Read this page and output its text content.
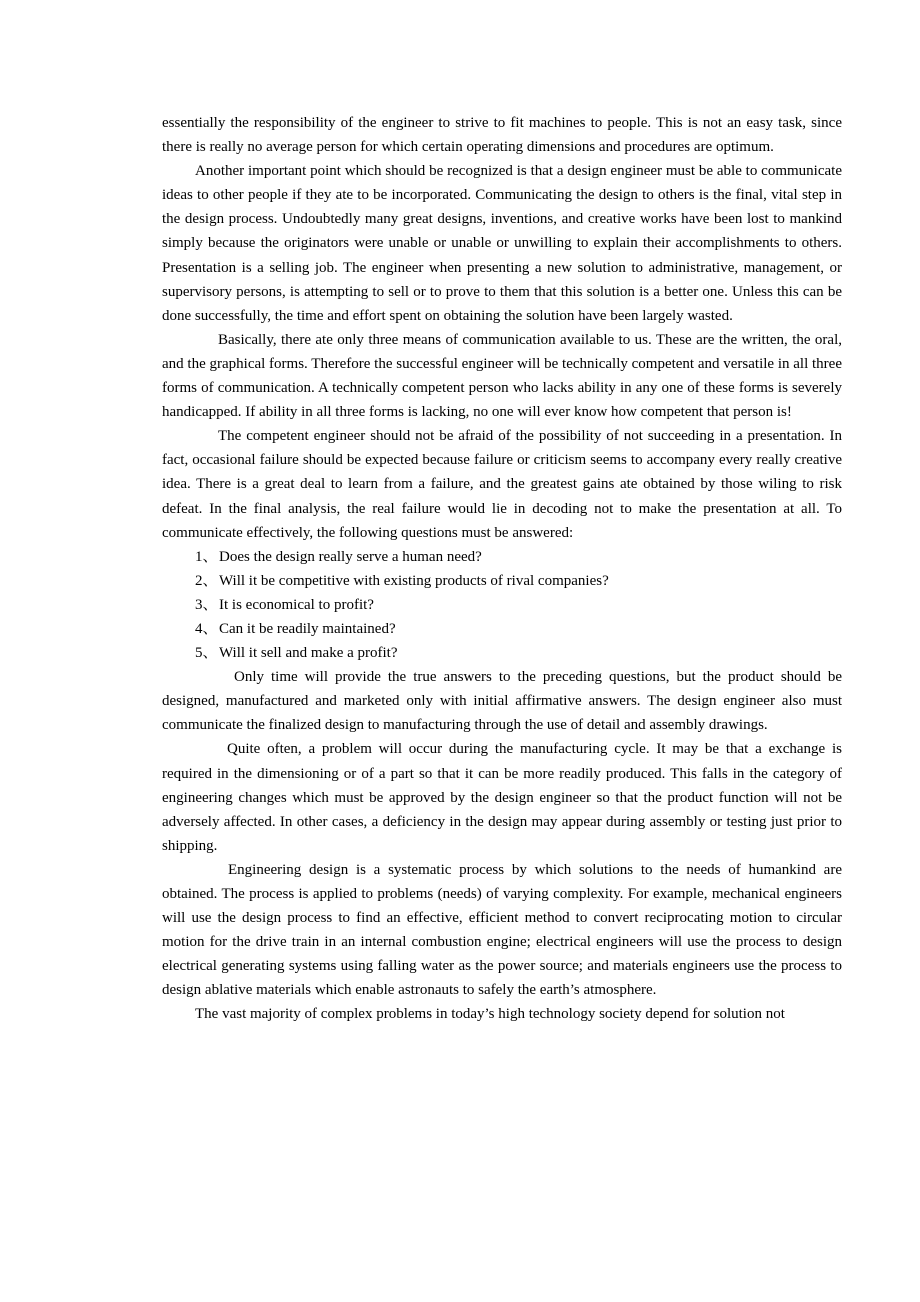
essentially the responsibility of the engineer to strive to fit machines to people. This is not an easy task, since there is really no average person for which certain operating dimensions and procedures are optimum.

Another important point which should be recognized is that a design engineer must be able to communicate ideas to other people if they ate to be incorporated. Communicating the design to others is the final, vital step in the design process. Undoubtedly many great designs, inventions, and creative works have been lost to mankind simply because the originators were unable or unable or unwilling to explain their accomplishments to others. Presentation is a selling job. The engineer when presenting a new solution to administrative, management, or supervisory persons, is attempting to sell or to prove to them that this solution is a better one. Unless this can be done successfully, the time and effort spent on obtaining the solution have been largely wasted.

Basically, there ate only three means of communication available to us. These are the written, the oral, and the graphical forms. Therefore the successful engineer will be technically competent and versatile in all three forms of communication. A technically competent person who lacks ability in any one of these forms is severely handicapped. If ability in all three forms is lacking, no one will ever know how competent that person is!

The competent engineer should not be afraid of the possibility of not succeeding in a presentation. In fact, occasional failure should be expected because failure or criticism seems to accompany every really creative idea. There is a great deal to learn from a failure, and the greatest gains ate obtained by those wiling to risk defeat. In the final analysis, the real failure would lie in decoding not to make the presentation at all. To communicate effectively, the following questions must be answered:

1、Does the design really serve a human need?
2、Will it be competitive with existing products of rival companies?
3、It is economical to profit?
4、Can it be readily maintained?
5、Will it sell and make a profit?

Only time will provide the true answers to the preceding questions, but the product should be designed, manufactured and marketed only with initial affirmative answers. The design engineer also must communicate the finalized design to manufacturing through the use of detail and assembly drawings.

Quite often, a problem will occur during the manufacturing cycle. It may be that a exchange is required in the dimensioning or of a part so that it can be more readily produced. This falls in the category of engineering changes which must be approved by the design engineer so that the product function will not be adversely affected. In other cases, a deficiency in the design may appear during assembly or testing just prior to shipping.

Engineering design is a systematic process by which solutions to the needs of humankind are obtained. The process is applied to problems (needs) of varying complexity. For example, mechanical engineers will use the design process to find an effective, efficient method to convert reciprocating motion to circular motion for the drive train in an internal combustion engine; electrical engineers will use the process to design electrical generating systems using falling water as the power source; and materials engineers use the process to design ablative materials which enable astronauts to safely the earth’s atmosphere.

The vast majority of complex problems in today’s high technology society depend for solution not
